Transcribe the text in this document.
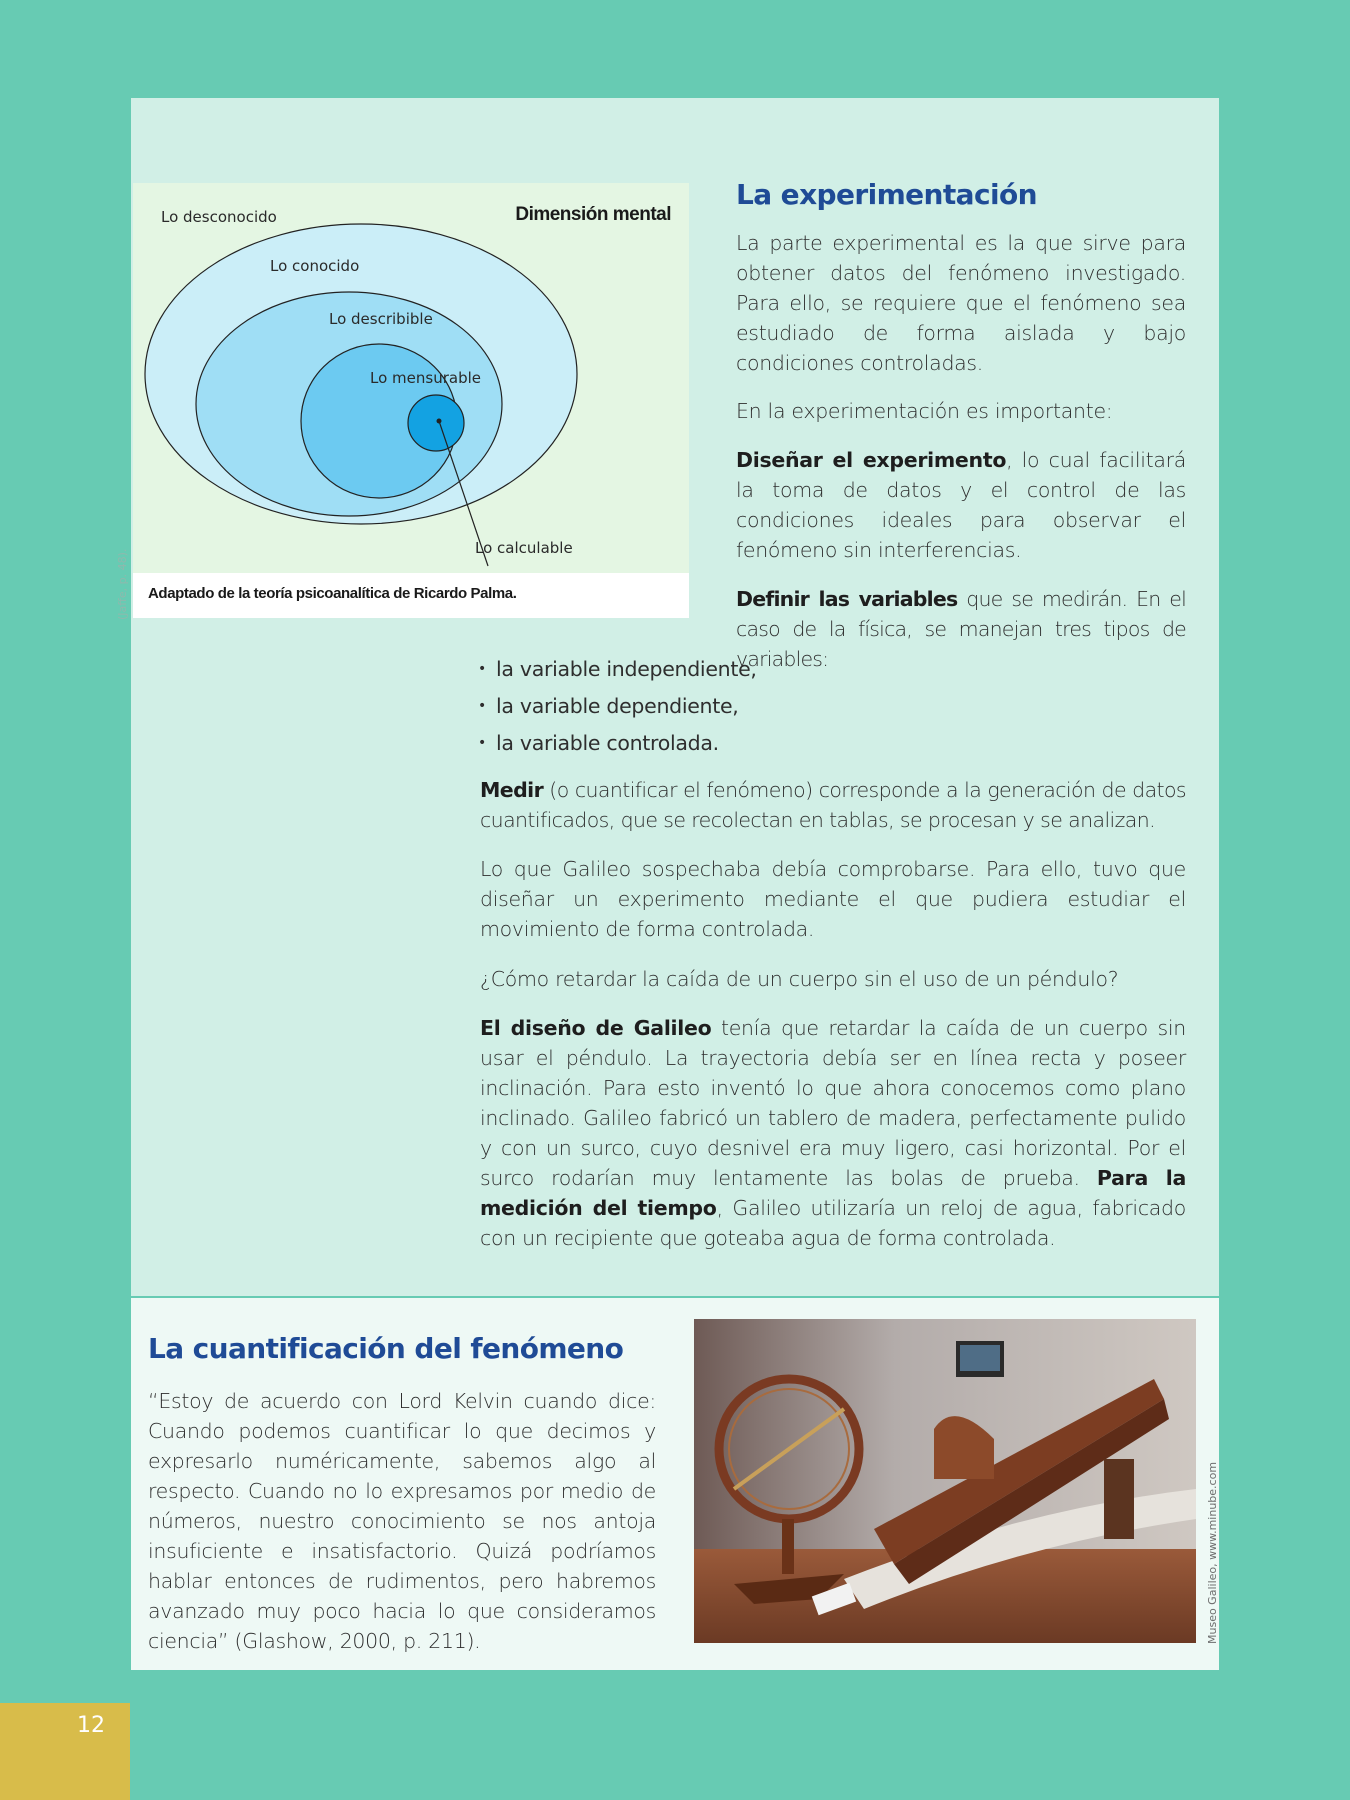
Lo desconocido	Dimensión mental
Lo conocido
Lo describible
Lo mensurable
Lo calculable
Adaptado de la teoría psicoanalítica de Ricardo Palma.
(Jaffe, p. 48).
La experimentación

La parte experimental es la que sirve para obtener datos del fenómeno investigado. Para ello, se requiere que el fenómeno sea estudiado de forma aislada y bajo condiciones controladas.

En la experimentación es importante:

Diseñar el experimento, lo cual facilitará la toma de datos y el control de las condiciones ideales para observar el fenómeno sin interferencias.

Definir las variables que se medirán. En el caso de la física, se manejan tres tipos de variables:

• la variable independiente,
• la variable dependiente,
• la variable controlada.

Medir (o cuantificar el fenómeno) corresponde a la generación de datos cuantificados, que se recolectan en tablas, se procesan y se analizan.

Lo que Galileo sospechaba debía comprobarse. Para ello, tuvo que diseñar un experimento mediante el que pudiera estudiar el movimiento de forma controlada.

¿Cómo retardar la caída de un cuerpo sin el uso de un péndulo?

El diseño de Galileo tenía que retardar la caída de un cuerpo sin usar el péndulo. La trayectoria debía ser en línea recta y poseer inclinación. Para esto inventó lo que ahora conocemos como plano inclinado. Galileo fabricó un tablero de madera, perfectamente pulido y con un surco, cuyo desnivel era muy ligero, casi horizontal. Por el surco rodarían muy lentamente las bolas de prueba. Para la medición del tiempo, Galileo utilizaría un reloj de agua, fabricado con un recipiente que goteaba agua de forma controlada.

La cuantificación del fenómeno

“Estoy de acuerdo con Lord Kelvin cuando dice: Cuando podemos cuantificar lo que decimos y expresarlo numéricamente, sabemos algo al respecto. Cuando no lo expresamos por medio de números, nuestro conocimiento se nos antoja insuficiente e insatisfactorio. Quizá podríamos hablar entonces de rudimentos, pero habremos avanzado muy poco hacia lo que consideramos ciencia” (Glashow, 2000, p. 211).	Museo Galileo, www.minube.com
12
